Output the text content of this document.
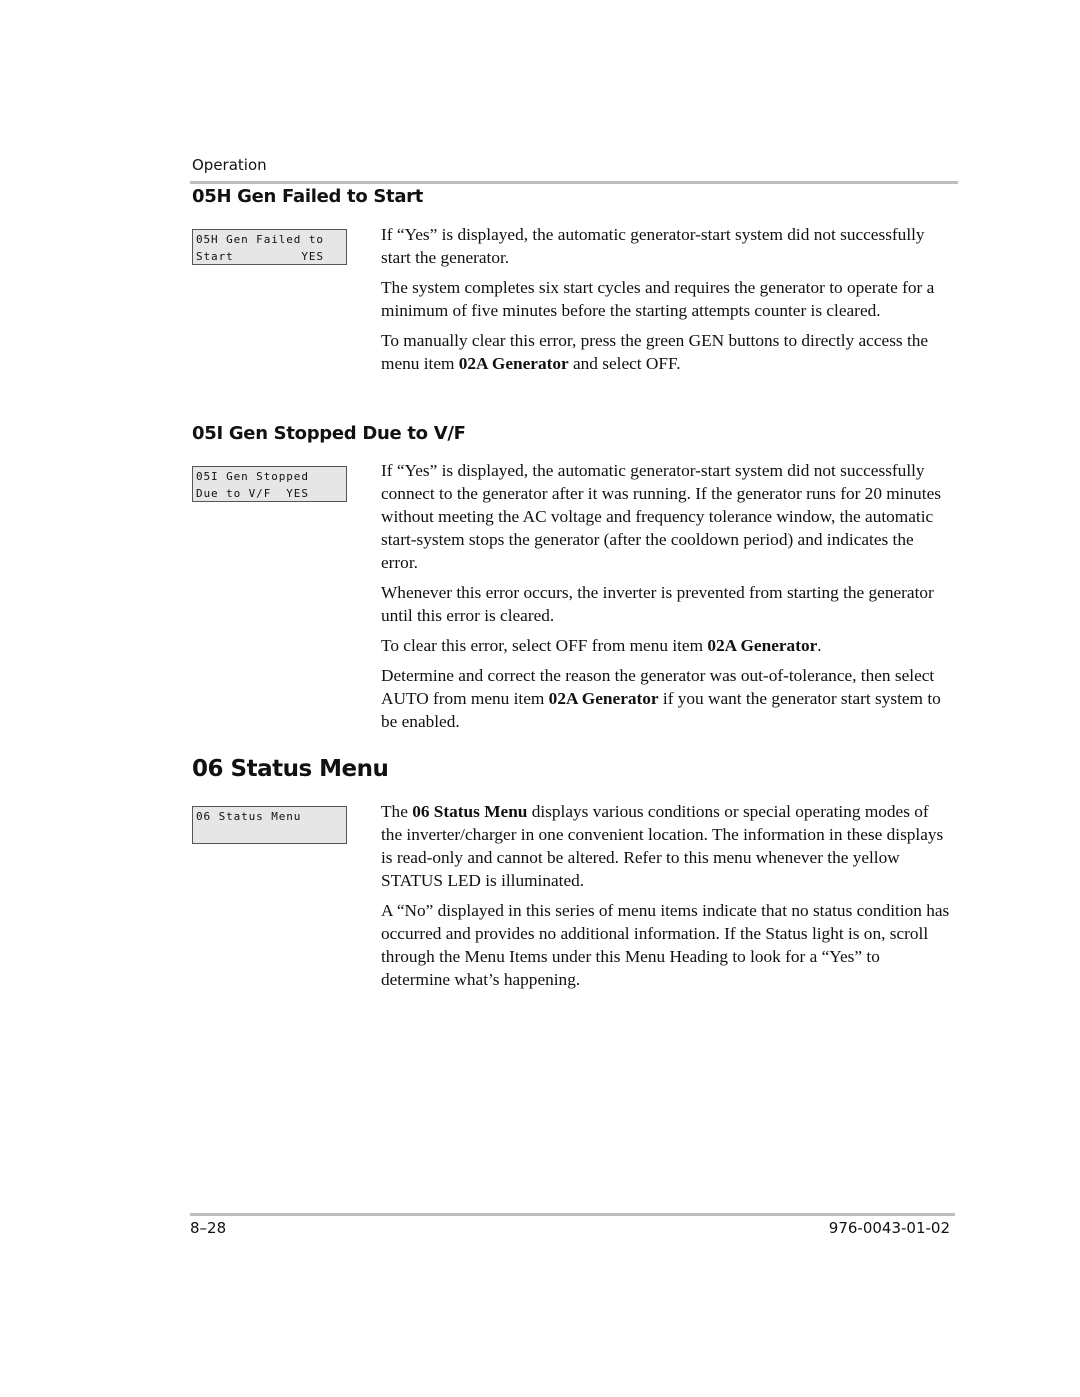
Operation
05H Gen Failed to Start
05H Gen Failed to
Start         YES

If “Yes” is displayed, the automatic generator-start system did not successfully start the generator.

The system completes six start cycles and requires the generator to operate for a minimum of five minutes before the starting attempts counter is cleared.

To manually clear this error, press the green GEN buttons to directly access the menu item 02A Generator and select OFF.

05I Gen Stopped Due to V/F
05I Gen Stopped
Due to V/F  YES

If “Yes” is displayed, the automatic generator-start system did not successfully connect to the generator after it was running. If the generator runs for 20 minutes without meeting the AC voltage and frequency tolerance window, the automatic start-system stops the generator (after the cooldown period) and indicates the error.

Whenever this error occurs, the inverter is prevented from starting the generator until this error is cleared.

To clear this error, select OFF from menu item 02A Generator.

Determine and correct the reason the generator was out-of-tolerance, then select AUTO from menu item 02A Generator if you want the generator start system to be enabled.

06 Status Menu
06 Status Menu	The 06 Status Menu displays various conditions or special operating modes of the inverter/charger in one convenient location. The information in these displays is read-only and cannot be altered. Refer to this menu whenever the yellow STATUS LED is illuminated.

A “No” displayed in this series of menu items indicate that no status condition has occurred and provides no additional information. If the Status light is on, scroll through the Menu Items under this Menu Heading to look for a “Yes” to determine what’s happening.

8–28	976-0043-01-02
